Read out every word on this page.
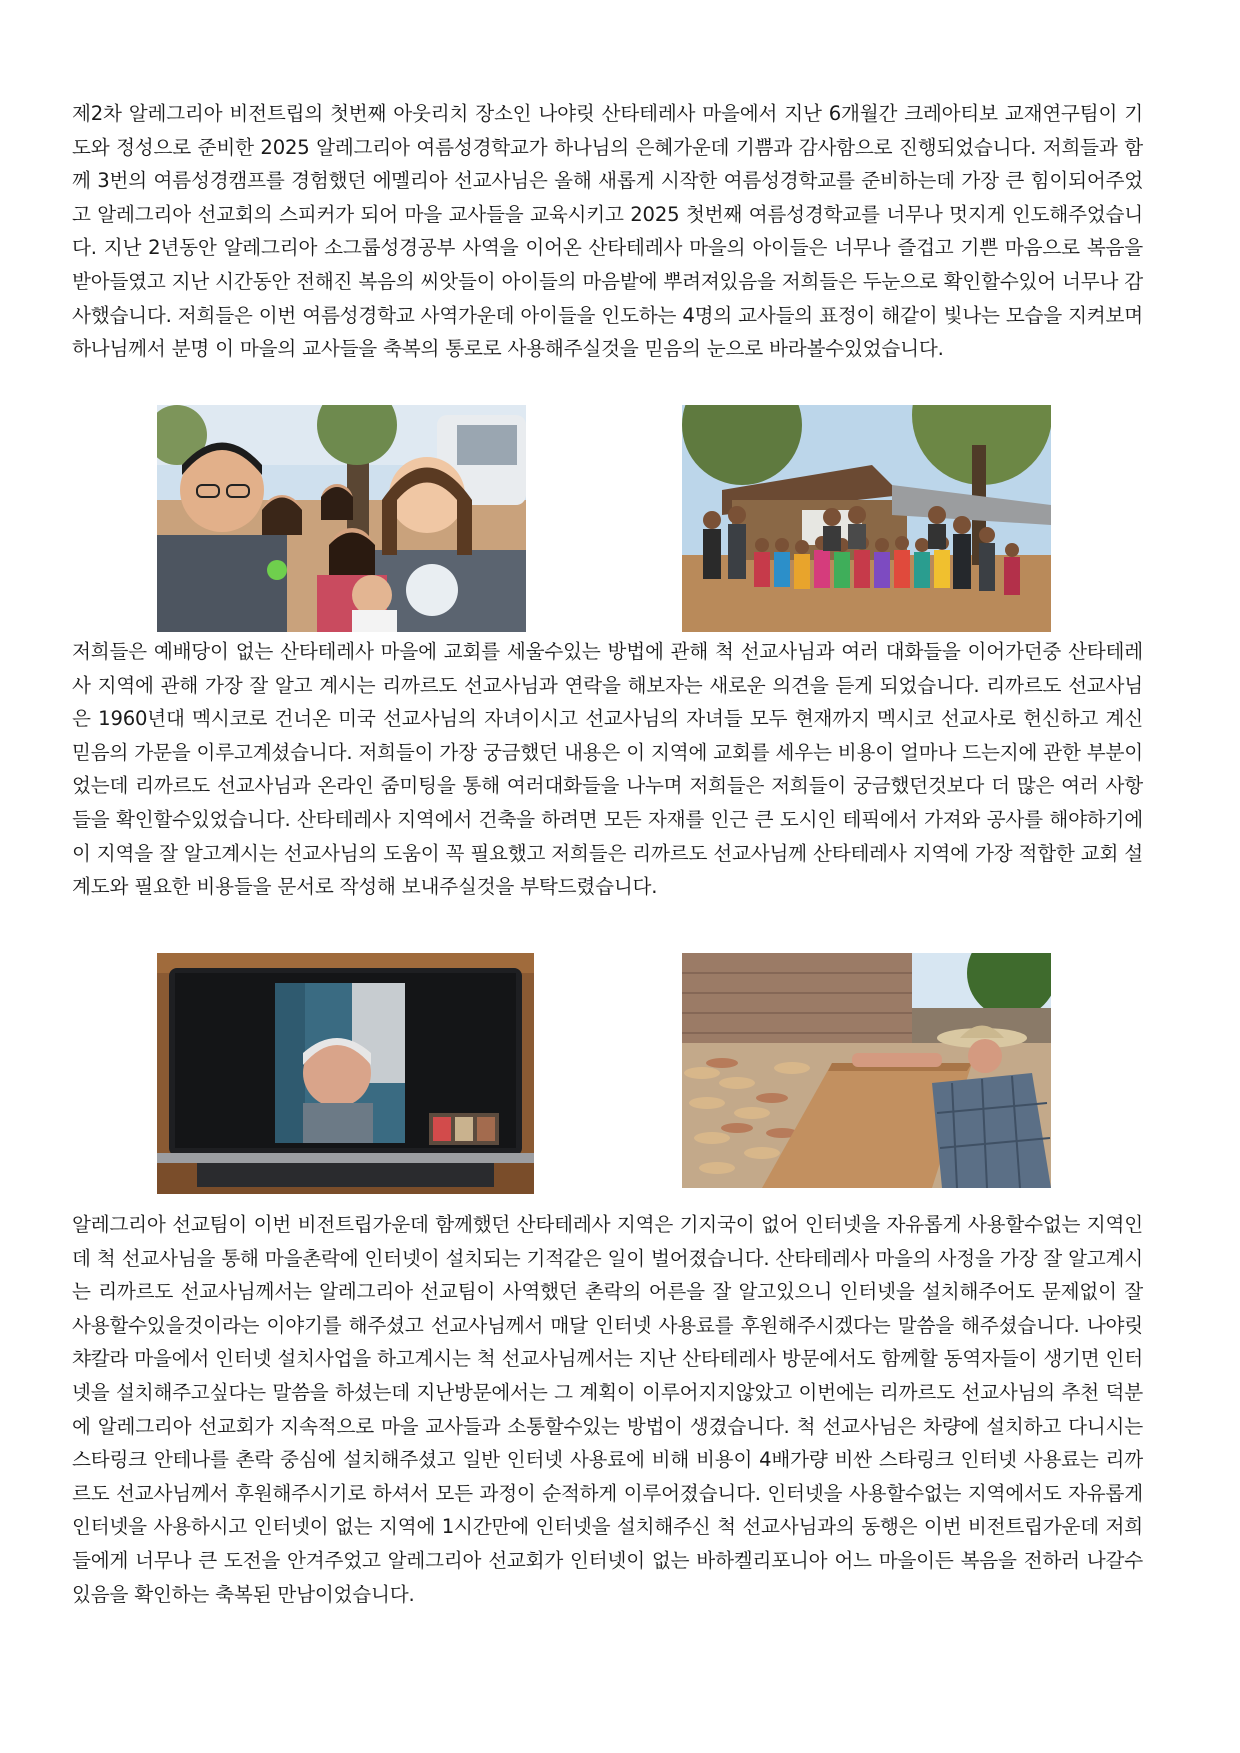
제2차 알레그리아 비전트립의 첫번째 아웃리치 장소인 나야릿 산타테레사 마을에서 지난 6개월간 크레아티보 교재연구팀이 기도와 정성으로 준비한 2025 알레그리아 여름성경학교가 하나님의 은혜가운데 기쁨과 감사함으로 진행되었습니다. 저희들과 함께 3번의 여름성경캠프를 경험했던 에멜리아 선교사님은 올해 새롭게 시작한 여름성경학교를 준비하는데 가장 큰 힘이되어주었고 알레그리아 선교회의 스피커가 되어 마을 교사들을 교육시키고 2025 첫번째 여름성경학교를 너무나 멋지게 인도해주었습니다. 지난 2년동안 알레그리아 소그룹성경공부 사역을 이어온 산타테레사 마을의 아이들은 너무나 즐겁고 기쁜 마음으로 복음을 받아들였고 지난 시간동안 전해진 복음의 씨앗들이 아이들의 마음밭에 뿌려져있음을 저희들은 두눈으로 확인할수있어 너무나 감사했습니다. 저희들은 이번 여름성경학교 사역가운데 아이들을 인도하는 4명의 교사들의 표정이 해같이 빛나는 모습을 지켜보며 하나님께서 분명 이 마을의 교사들을 축복의 통로로 사용해주실것을 믿음의 눈으로 바라볼수있었습니다.

저희들은 예배당이 없는 산타테레사 마을에 교회를 세울수있는 방법에 관해 척 선교사님과 여러 대화들을 이어가던중 산타테레사 지역에 관해 가장 잘 알고 계시는 리까르도 선교사님과 연락을 해보자는 새로운 의견을 듣게 되었습니다. 리까르도 선교사님은 1960년대 멕시코로 건너온 미국 선교사님의 자녀이시고 선교사님의 자녀들 모두 현재까지 멕시코 선교사로 헌신하고 계신 믿음의 가문을 이루고계셨습니다. 저희들이 가장 궁금했던 내용은 이 지역에 교회를 세우는 비용이 얼마나 드는지에 관한 부분이었는데 리까르도 선교사님과 온라인 줌미팅을 통해 여러대화들을 나누며 저희들은 저희들이 궁금했던것보다 더 많은 여러 사항들을 확인할수있었습니다. 산타테레사 지역에서 건축을 하려면 모든 자재를 인근 큰 도시인 테픽에서 가져와 공사를 해야하기에 이 지역을 잘 알고계시는 선교사님의 도움이 꼭 필요했고 저희들은 리까르도 선교사님께 산타테레사 지역에 가장 적합한 교회 설계도와 필요한 비용들을 문서로 작성해 보내주실것을 부탁드렸습니다.

알레그리아 선교팀이 이번 비전트립가운데 함께했던 산타테레사 지역은 기지국이 없어 인터넷을 자유롭게 사용할수없는 지역인데 척 선교사님을 통해 마을촌락에 인터넷이 설치되는 기적같은 일이 벌어졌습니다. 산타테레사 마을의 사정을 가장 잘 알고계시는 리까르도 선교사님께서는 알레그리아 선교팀이 사역했던 촌락의 어른을 잘 알고있으니 인터넷을 설치해주어도 문제없이 잘 사용할수있을것이라는 이야기를 해주셨고 선교사님께서 매달 인터넷 사용료를 후원해주시겠다는 말씀을 해주셨습니다. 나야릿 챠칼라 마을에서 인터넷 설치사업을 하고계시는 척 선교사님께서는 지난 산타테레사 방문에서도 함께할 동역자들이 생기면 인터넷을 설치해주고싶다는 말씀을 하셨는데 지난방문에서는 그 계획이 이루어지지않았고 이번에는 리까르도 선교사님의 추천 덕분에 알레그리아 선교회가 지속적으로 마을 교사들과 소통할수있는 방법이 생겼습니다. 척 선교사님은 차량에 설치하고 다니시는 스타링크 안테나를 촌락 중심에 설치해주셨고 일반 인터넷 사용료에 비해 비용이 4배가량 비싼 스타링크 인터넷 사용료는 리까르도 선교사님께서 후원해주시기로 하셔서 모든 과정이 순적하게 이루어졌습니다. 인터넷을 사용할수없는 지역에서도 자유롭게 인터넷을 사용하시고 인터넷이 없는 지역에 1시간만에 인터넷을 설치해주신 척 선교사님과의 동행은 이번 비전트립가운데 저희들에게 너무나 큰 도전을 안겨주었고 알레그리아 선교회가 인터넷이 없는 바하켈리포니아 어느 마을이든 복음을 전하러 나갈수있음을 확인하는 축복된 만남이었습니다.
